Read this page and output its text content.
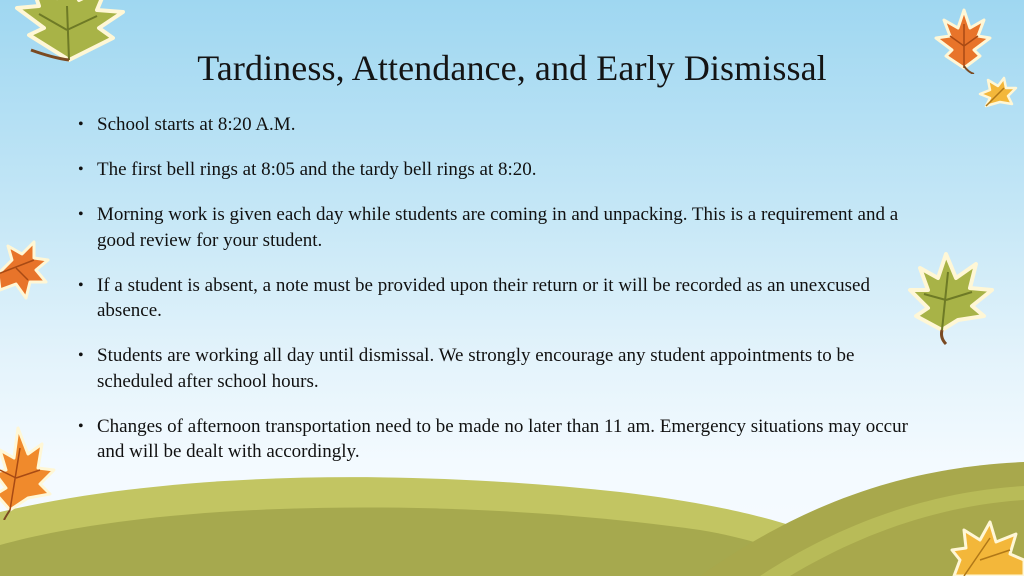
Tardiness, Attendance, and Early Dismissal
• School starts at 8:20 A.M.
• The first bell rings at 8:05 and the tardy bell rings at 8:20.
• Morning work is given each day while students are coming in and unpacking. This is a requirement and a good review for your student.
• If a student is absent, a note must be provided upon their return or it will be recorded as an unexcused absence.
• Students are working all day until dismissal. We strongly encourage any student appointments to be scheduled after school hours.
• Changes of afternoon transportation need to be made no later than 11 am. Emergency situations may occur and will be dealt with accordingly.
